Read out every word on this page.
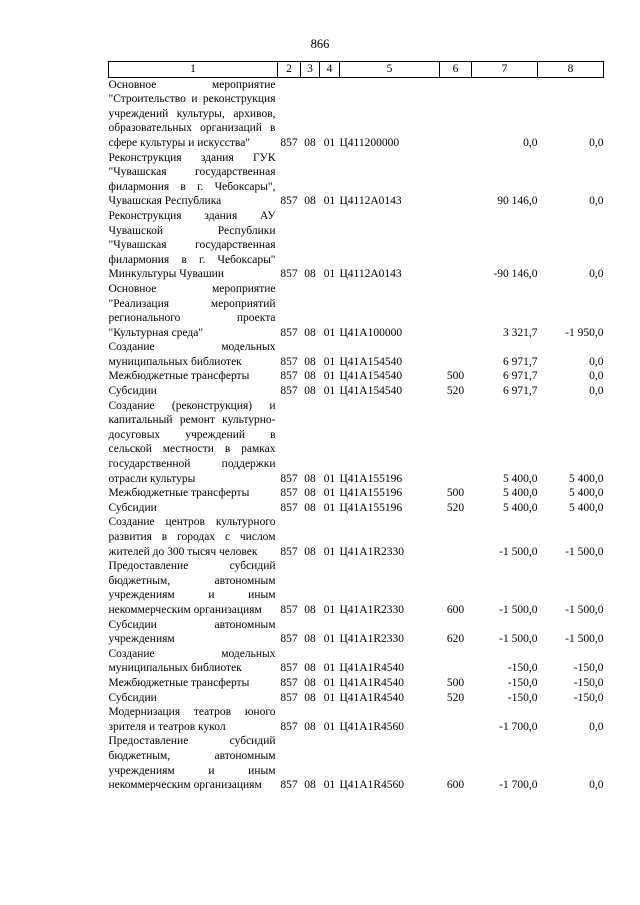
866
1	2	3	4	5	6	7	8
Основное мероприятие "Строительство и реконструкция учреждений культуры, архивов, образовательных организаций в сфере культуры и искусства"	857	08	01	Ц411200000		0,0	0,0
Реконструкция здания ГУК "Чувашская государственная филармония в г. Чебоксары", Чувашская Республика	857	08	01	Ц4112А0143		90 146,0	0,0
Реконструкция здания АУ Чувашской Республики "Чувашская государственная филармония в г. Чебоксары" Минкультуры Чувашии	857	08	01	Ц4112А0143		-90 146,0	0,0
Основное мероприятие "Реализация мероприятий регионального проекта "Культурная среда"	857	08	01	Ц41А100000		3 321,7	-1 950,0
Создание модельных муниципальных библиотек	857	08	01	Ц41А154540		6 971,7	0,0
Межбюджетные трансферты	857	08	01	Ц41А154540	500	6 971,7	0,0
Субсидии	857	08	01	Ц41А154540	520	6 971,7	0,0
Создание (реконструкция) и капитальный ремонт культурно-досуговых учреждений в сельской местности в рамках государственной поддержки отрасли культуры	857	08	01	Ц41А155196		5 400,0	5 400,0
Межбюджетные трансферты	857	08	01	Ц41А155196	500	5 400,0	5 400,0
Субсидии	857	08	01	Ц41А155196	520	5 400,0	5 400,0
Создание центров культурного развития в городах с числом жителей до 300 тысяч человек	857	08	01	Ц41А1R2330		-1 500,0	-1 500,0
Предоставление субсидий бюджетным, автономным учреждениям и иным некоммерческим организациям	857	08	01	Ц41А1R2330	600	-1 500,0	-1 500,0
Субсидии автономным учреждениям	857	08	01	Ц41А1R2330	620	-1 500,0	-1 500,0
Создание модельных муниципальных библиотек	857	08	01	Ц41А1R4540		-150,0	-150,0
Межбюджетные трансферты	857	08	01	Ц41А1R4540	500	-150,0	-150,0
Субсидии	857	08	01	Ц41А1R4540	520	-150,0	-150,0
Модернизация театров юного зрителя и театров кукол	857	08	01	Ц41А1R4560		-1 700,0	0,0
Предоставление субсидий бюджетным, автономным учреждениям и иным некоммерческим организациям	857	08	01	Ц41А1R4560	600	-1 700,0	0,0
